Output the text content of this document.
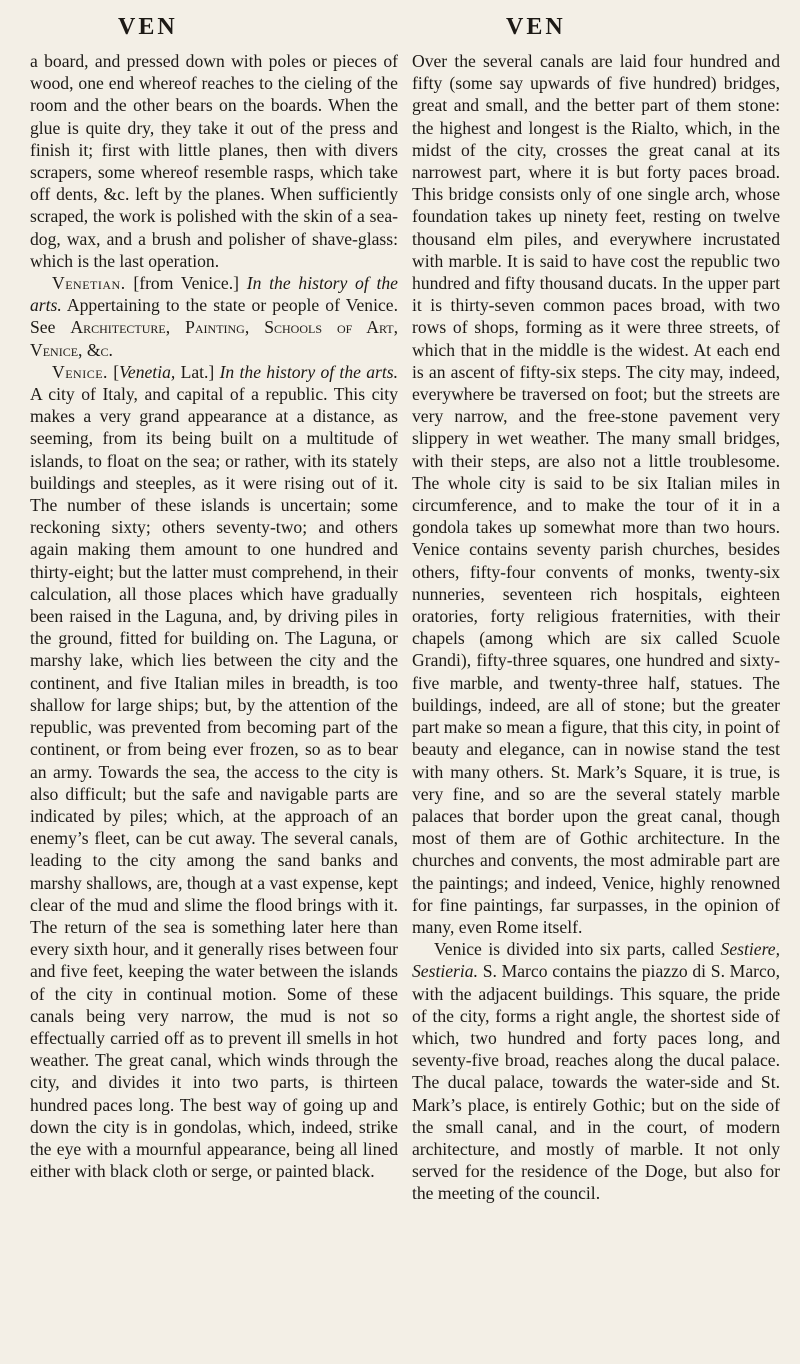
VEN	VEN

a board, and pressed down with poles or pieces of wood, one end whereof reaches to the cieling of the room and the other bears on the boards. When the glue is quite dry, they take it out of the press and finish it; first with little planes, then with divers scrapers, some whereof resemble rasps, which take off dents, &c. left by the planes. When sufficiently scraped, the work is polished with the skin of a sea-dog, wax, and a brush and polisher of shave-glass: which is the last operation.

Venetian. [from Venice.] In the history of the arts. Appertaining to the state or people of Venice. See Architecture, Painting, Schools of Art, Venice, &c.

Venice. [Venetia, Lat.] In the history of the arts. A city of Italy, and capital of a republic. This city makes a very grand appearance at a distance, as seeming, from its being built on a multitude of islands, to float on the sea; or rather, with its stately buildings and steeples, as it were rising out of it. The number of these islands is uncertain; some reckoning sixty; others seventy-two; and others again making them amount to one hundred and thirty-eight; but the latter must comprehend, in their calculation, all those places which have gradually been raised in the Laguna, and, by driving piles in the ground, fitted for building on. The Laguna, or marshy lake, which lies between the city and the continent, and five Italian miles in breadth, is too shallow for large ships; but, by the attention of the republic, was prevented from becoming part of the continent, or from being ever frozen, so as to bear an army. Towards the sea, the access to the city is also difficult; but the safe and navigable parts are indicated by piles; which, at the approach of an enemy’s fleet, can be cut away. The several canals, leading to the city among the sand banks and marshy shallows, are, though at a vast expense, kept clear of the mud and slime the flood brings with it. The return of the sea is something later here than every sixth hour, and it generally rises between four and five feet, keeping the water between the islands of the city in continual motion. Some of these canals being very narrow, the mud is not so effectually carried off as to prevent ill smells in hot weather. The great canal, which winds through the city, and divides it into two parts, is thirteen hundred paces long. The best way of going up and down the city is in gondolas, which, indeed, strike the eye with a mournful appearance, being all lined either with black cloth or serge, or painted black.

Over the several canals are laid four hundred and fifty (some say upwards of five hundred) bridges, great and small, and the better part of them stone: the highest and longest is the Rialto, which, in the midst of the city, crosses the great canal at its narrowest part, where it is but forty paces broad. This bridge consists only of one single arch, whose foundation takes up ninety feet, resting on twelve thousand elm piles, and everywhere incrustated with marble. It is said to have cost the republic two hundred and fifty thousand ducats. In the upper part it is thirty-seven common paces broad, with two rows of shops, forming as it were three streets, of which that in the middle is the widest. At each end is an ascent of fifty-six steps. The city may, indeed, everywhere be traversed on foot; but the streets are very narrow, and the free-stone pavement very slippery in wet weather. The many small bridges, with their steps, are also not a little troublesome. The whole city is said to be six Italian miles in circumference, and to make the tour of it in a gondola takes up somewhat more than two hours. Venice contains seventy parish churches, besides others, fifty-four convents of monks, twenty-six nunneries, seventeen rich hospitals, eighteen oratories, forty religious fraternities, with their chapels (among which are six called Scuole Grandi), fifty-three squares, one hundred and sixty-five marble, and twenty-three half, statues. The buildings, indeed, are all of stone; but the greater part make so mean a figure, that this city, in point of beauty and elegance, can in nowise stand the test with many others. St. Mark’s Square, it is true, is very fine, and so are the several stately marble palaces that border upon the great canal, though most of them are of Gothic architecture. In the churches and convents, the most admirable part are the paintings; and indeed, Venice, highly renowned for fine paintings, far surpasses, in the opinion of many, even Rome itself.

Venice is divided into six parts, called Sestiere, Sestieria. S. Marco contains the piazzo di S. Marco, with the adjacent buildings. This square, the pride of the city, forms a right angle, the shortest side of which, two hundred and forty paces long, and seventy-five broad, reaches along the ducal palace. The ducal palace, towards the water-side and St. Mark’s place, is entirely Gothic; but on the side of the small canal, and in the court, of modern architecture, and mostly of marble. It not only served for the residence of the Doge, but also for the meeting of the council.
